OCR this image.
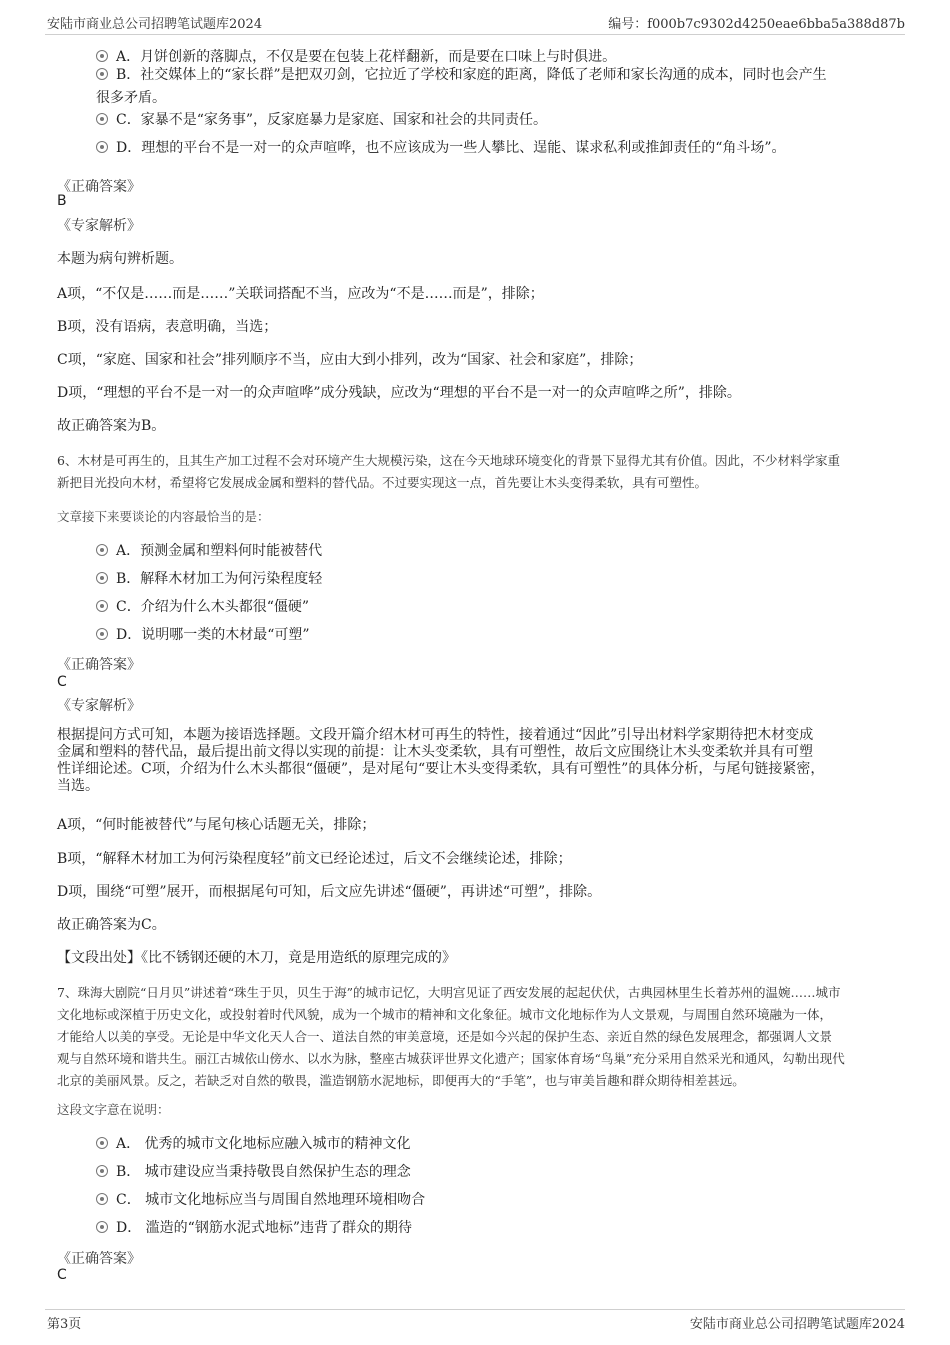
安陆市商业总公司招聘笔试题库2024	编号：f000b7c9302d4250eae6bba5a388d87b
A．月饼创新的落脚点，不仅是要在包装上花样翻新，而是要在口味上与时俱进。
B．社交媒体上的“家长群”是把双刃剑，它拉近了学校和家庭的距离，降低了老师和家长沟通的成本，同时也会产生
很多矛盾。
C．家暴不是“家务事”，反家庭暴力是家庭、国家和社会的共同责任。
D．理想的平台不是一对一的众声喧哗，也不应该成为一些人攀比、逞能、谋求私利或推卸责任的“角斗场”。
《正确答案》
B
《专家解析》
本题为病句辨析题。
A项，“不仅是……而是……”关联词搭配不当，应改为“不是……而是”，排除；
B项，没有语病，表意明确，当选；
C项，“家庭、国家和社会”排列顺序不当，应由大到小排列，改为“国家、社会和家庭”，排除；
D项，“理想的平台不是一对一的众声喧哗”成分残缺，应改为“理想的平台不是一对一的众声喧哗之所”，排除。
故正确答案为B。
6、木材是可再生的，且其生产加工过程不会对环境产生大规模污染，这在今天地球环境变化的背景下显得尤其有价值。因此，不少材料学家重
新把目光投向木材，希望将它发展成金属和塑料的替代品。不过要实现这一点，首先要让木头变得柔软，具有可塑性。
文章接下来要谈论的内容最恰当的是：
A．预测金属和塑料何时能被替代
B．解释木材加工为何污染程度轻
C．介绍为什么木头都很“僵硬”
D．说明哪一类的木材最“可塑”
《正确答案》
C
《专家解析》
根据提问方式可知，本题为接语选择题。文段开篇介绍木材可再生的特性，接着通过“因此”引导出材料学家期待把木材变成
金属和塑料的替代品，最后提出前文得以实现的前提：让木头变柔软，具有可塑性，故后文应围绕让木头变柔软并具有可塑
性详细论述。C项，介绍为什么木头都很“僵硬”，是对尾句“要让木头变得柔软，具有可塑性”的具体分析，与尾句链接紧密，
当选。
A项，“何时能被替代”与尾句核心话题无关，排除；
B项，“解释木材加工为何污染程度轻”前文已经论述过，后文不会继续论述，排除；
D项，围绕“可塑”展开，而根据尾句可知，后文应先讲述“僵硬”，再讲述“可塑”，排除。
故正确答案为C。
【文段出处】《比不锈钢还硬的木刀，竟是用造纸的原理完成的》
7、珠海大剧院“日月贝”讲述着“珠生于贝，贝生于海”的城市记忆，大明宫见证了西安发展的起起伏伏，古典园林里生长着苏州的温婉……城市
文化地标或深植于历史文化，或投射着时代风貌，成为一个城市的精神和文化象征。城市文化地标作为人文景观，与周围自然环境融为一体，
才能给人以美的享受。无论是中华文化天人合一、道法自然的审美意境，还是如今兴起的保护生态、亲近自然的绿色发展理念，都强调人文景
观与自然环境和谐共生。丽江古城依山傍水、以水为脉，整座古城获评世界文化遗产；国家体育场“鸟巢”充分采用自然采光和通风，勾勒出现代
北京的美丽风景。反之，若缺乏对自然的敬畏，滥造钢筋水泥地标，即便再大的“手笔”，也与审美旨趣和群众期待相差甚远。
这段文字意在说明：
A． 优秀的城市文化地标应融入城市的精神文化
B． 城市建设应当秉持敬畏自然保护生态的理念
C． 城市文化地标应当与周围自然地理环境相吻合
D． 滥造的“钢筋水泥式地标”违背了群众的期待
《正确答案》
C
第3页	安陆市商业总公司招聘笔试题库2024
